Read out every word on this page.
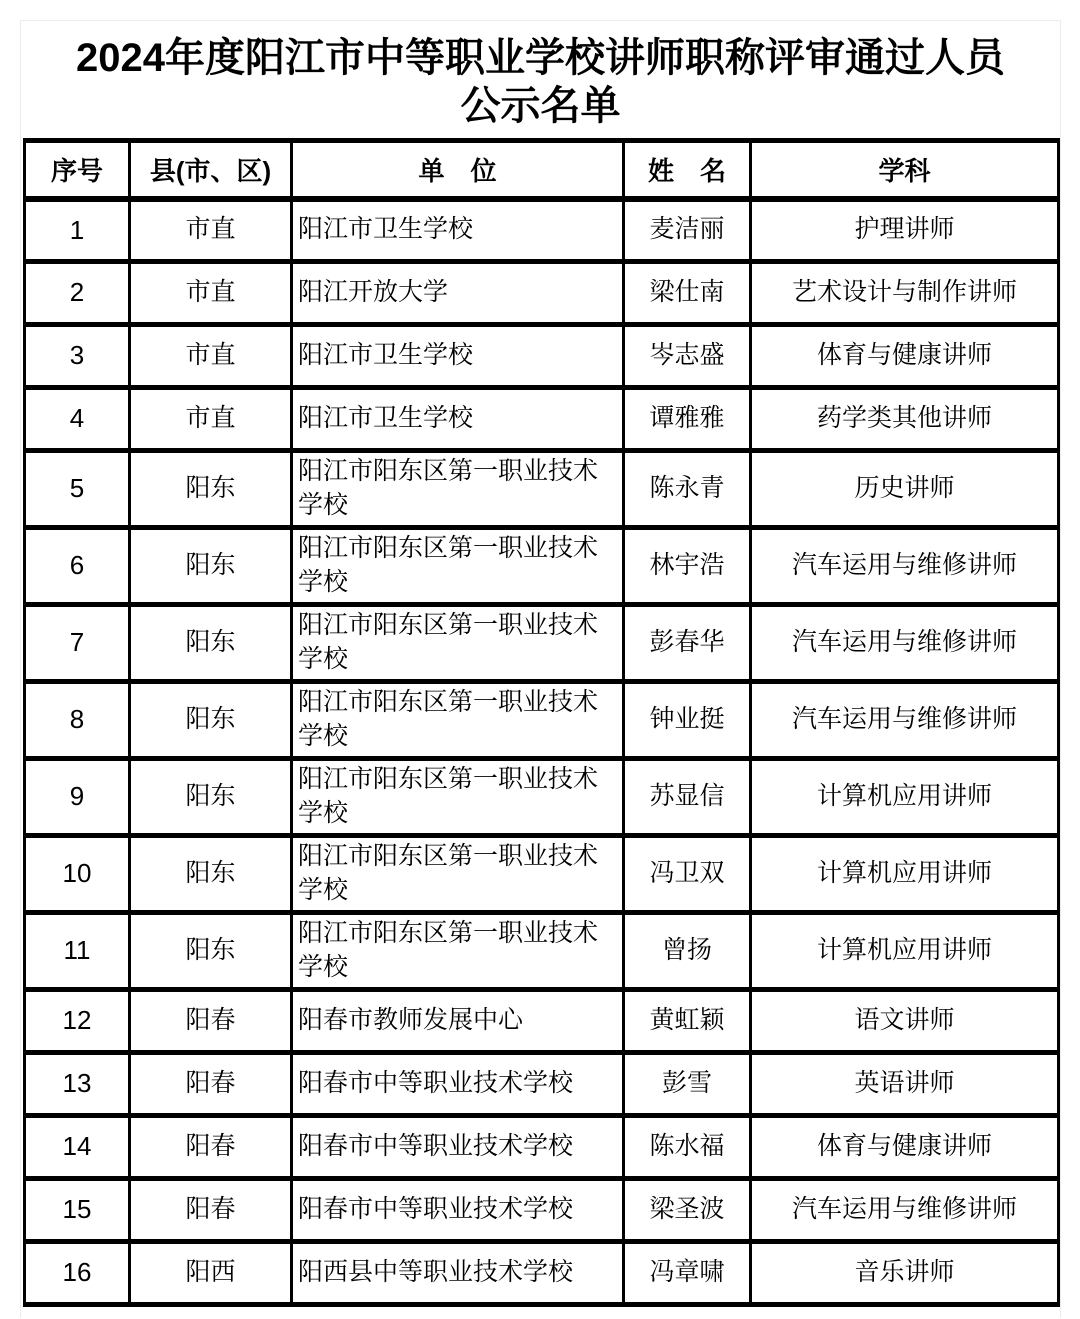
2024年度阳江市中等职业学校讲师职称评审通过人员
公示名单
序号	县(市、区)	单　位	姓　名	学科
1	市直	阳江市卫生学校	麦洁丽	护理讲师
2	市直	阳江开放大学	梁仕南	艺术设计与制作讲师
3	市直	阳江市卫生学校	岑志盛	体育与健康讲师
4	市直	阳江市卫生学校	谭雅雅	药学类其他讲师
5	阳东	阳江市阳东区第一职业技术学校	陈永青	历史讲师
6	阳东	阳江市阳东区第一职业技术学校	林宇浩	汽车运用与维修讲师
7	阳东	阳江市阳东区第一职业技术学校	彭春华	汽车运用与维修讲师
8	阳东	阳江市阳东区第一职业技术学校	钟业挺	汽车运用与维修讲师
9	阳东	阳江市阳东区第一职业技术学校	苏显信	计算机应用讲师
10	阳东	阳江市阳东区第一职业技术学校	冯卫双	计算机应用讲师
11	阳东	阳江市阳东区第一职业技术学校	曾扬	计算机应用讲师
12	阳春	阳春市教师发展中心	黄虹颖	语文讲师
13	阳春	阳春市中等职业技术学校	彭雪	英语讲师
14	阳春	阳春市中等职业技术学校	陈水福	体育与健康讲师
15	阳春	阳春市中等职业技术学校	梁圣波	汽车运用与维修讲师
16	阳西	阳西县中等职业技术学校	冯章啸	音乐讲师
